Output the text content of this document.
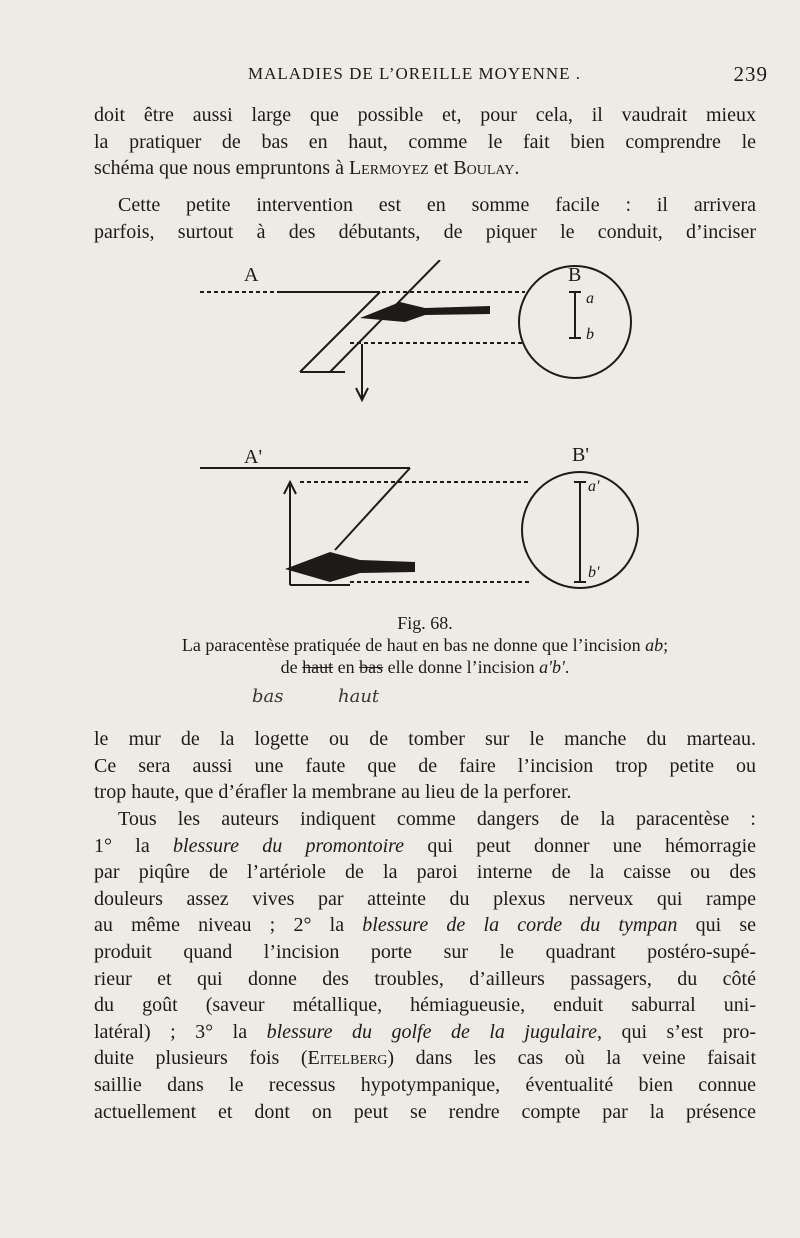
MALADIES DE L’OREILLE MOYENNE .	239
doit être aussi large que possible et, pour cela, il vaudrait mieux
la pratiquer de bas en haut, comme le fait bien comprendre le
schéma que nous empruntons à Lermoyez et Boulay.
Cette petite intervention est en somme facile : il arrivera
parfois, surtout à des débutants, de piquer le conduit, d’inciser
A	B
A'	B'
a
b
a'
b'
Fig. 68.
La paracentèse pratiquée de haut en bas ne donne que l’incision ab;
de haut en bas elle donne l’incision a'b'.
bas	haut
le mur de la logette ou de tomber sur le manche du marteau.
Ce sera aussi une faute que de faire l’incision trop petite ou
trop haute, que d’érafler la membrane au lieu de la perforer.
Tous les auteurs indiquent comme dangers de la paracentèse :
1° la blessure du promontoire qui peut donner une hémorragie
par piqûre de l’artériole de la paroi interne de la caisse ou des
douleurs assez vives par atteinte du plexus nerveux qui rampe
au même niveau ; 2° la blessure de la corde du tympan qui se
produit quand l’incision porte sur le quadrant postéro-supé-
rieur et qui donne des troubles, d’ailleurs passagers, du côté
du goût (saveur métallique, hémiagueusie, enduit saburral uni-
latéral) ; 3° la blessure du golfe de la jugulaire, qui s’est pro-
duite plusieurs fois (Eitelberg) dans les cas où la veine faisait
saillie dans le recessus hypotympanique, éventualité bien connue
actuellement et dont on peut se rendre compte par la présence
